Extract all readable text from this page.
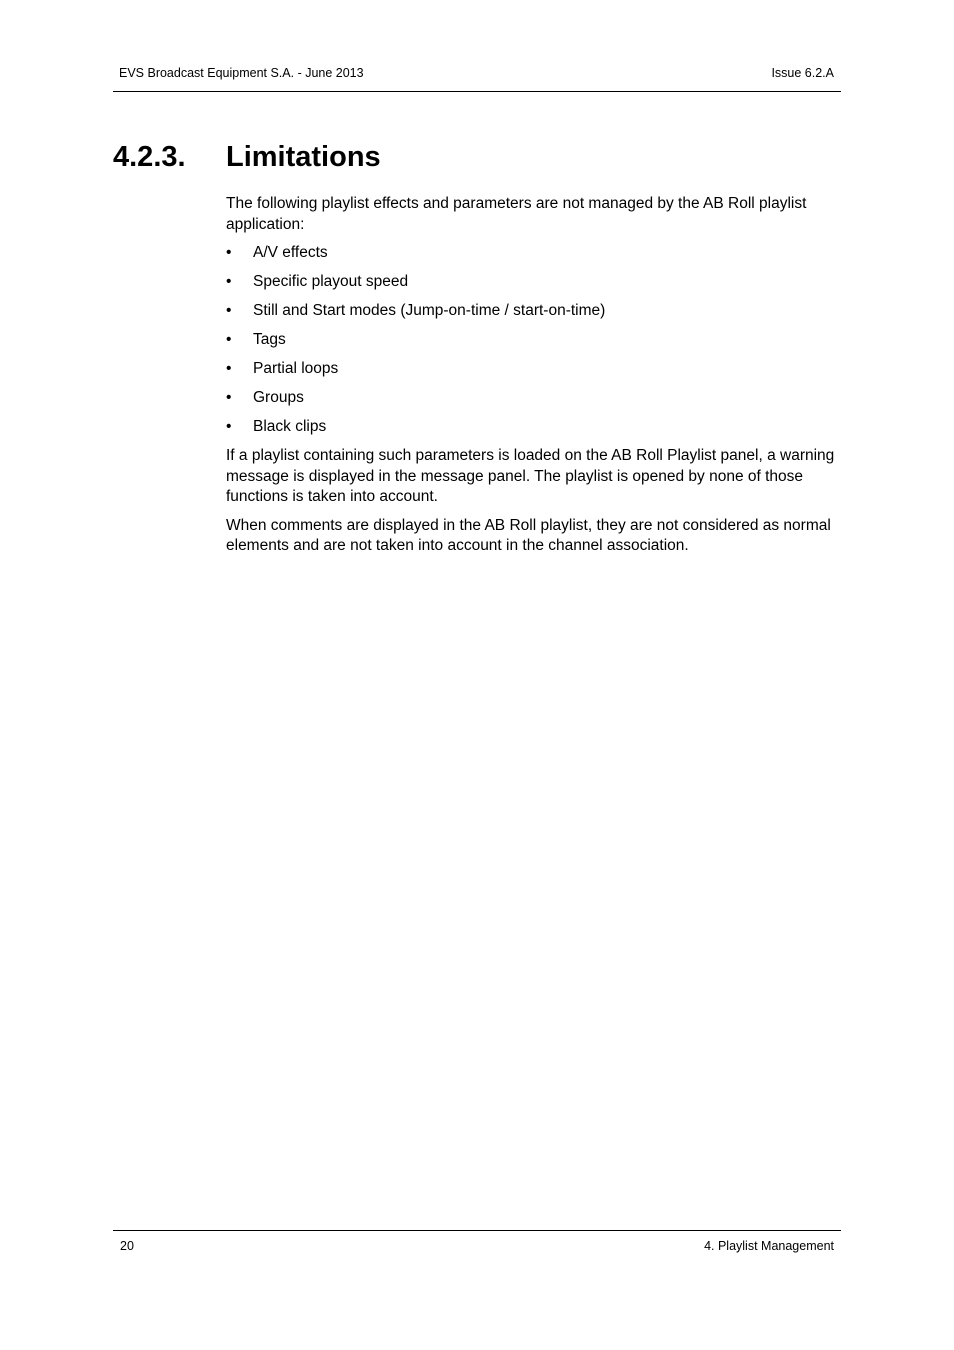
EVS Broadcast Equipment S.A. - June 2013	Issue 6.2.A
4.2.3. Limitations

The following playlist effects and parameters are not managed by the AB Roll playlist application:

• A/V effects
• Specific playout speed
• Still and Start modes (Jump-on-time / start-on-time)
• Tags
• Partial loops
• Groups
• Black clips

If a playlist containing such parameters is loaded on the AB Roll Playlist panel, a warning message is displayed in the message panel. The playlist is opened by none of those functions is taken into account.

When comments are displayed in the AB Roll playlist, they are not considered as normal elements and are not taken into account in the channel association.

20	4. Playlist Management
